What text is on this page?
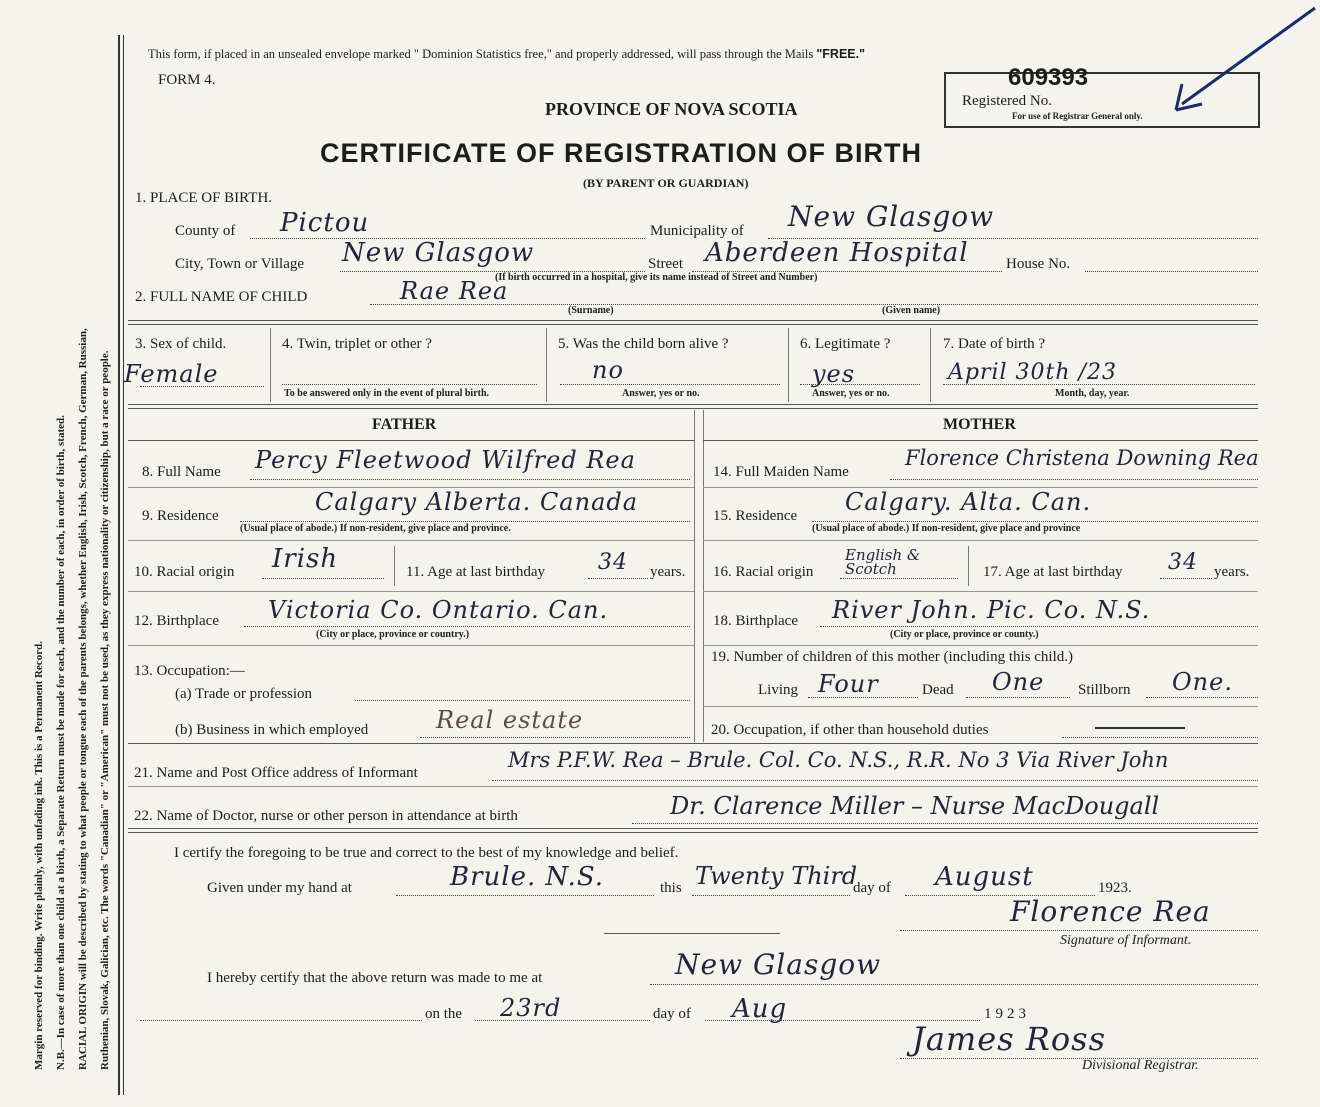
Margin reserved for binding. Write plainly, with unfading ink. This is a Permanent Record. N.B.—In case of more than one child at a birth, a Separate Return must be made for each, and the number of each, in order of birth, stated. RACIAL ORIGIN will be described by stating to what people or tongue each of the parents belongs, whether English, Irish, Scotch, French, German, Russian, Ruthenian, Slovak, Galician, etc. The words "Canadian" or "American" must not be used, as they express nationality or citizenship, but a race or people.
This form, if placed in an unsealed envelope marked " Dominion Statistics free," and properly addressed, will pass through the Mails "FREE."
FORM 4.
PROVINCE OF NOVA SCOTIA
CERTIFICATE OF REGISTRATION OF BIRTH
(BY PARENT OR GUARDIAN)
609393
Registered No.
For use of Registrar General only.
1. PLACE OF BIRTH.
County of Pictou	Municipality of New Glasgow
City, Town or Village New Glasgow	Street Aberdeen Hospital House No.
(If birth occurred in a hospital, give its name instead of Street and Number)
2. FULL NAME OF CHILD	Rae Rea
(Surname)	(Given name)
3. Sex of child.
Female
4. Twin, triplet or other ?
To be answered only in the event of plural birth.
5. Was the child born alive ?
no
Answer, yes or no.
6. Legitimate ?
yes
Answer, yes or no.
7. Date of birth ?
April 30th /23
Month, day, year.
FATHER	MOTHER
8. Full Name Percy Fleetwood Wilfred Rea
9. Residence	Calgary Alberta. Canada
(Usual place of abode.) If non-resident, give place and province.
10. Racial origin Irish	11. Age at last birthday 34 years.
12. Birthplace Victoria Co. Ontario. Can.
(City or place, province or country.)
13. Occupation:—
(a) Trade or profession
(b) Business in which employed	Real estate
14. Full Maiden Name
Florence Christena Downing Rea
15. Residence Calgary. Alta. Can.
(Usual place of abode.) If non-resident, give place and province
16. Racial origin
English & Scotch	17. Age at last birthday 34 years.
18. Birthplace River John. Pic. Co. N.S.
(City or place, province or county.)
19. Number of children of this mother (including this child.)
Living Four	Dead One Stillborn One.
20. Occupation, if other than household duties
21. Name and Post Office address of Informant
Mrs P.F.W. Rea – Brule. Col. Co. N.S., R.R. No 3 Via River John
22. Name of Doctor, nurse or other person in attendance at birth	Dr. Clarence Miller – Nurse MacDougall
I certify the foregoing to be true and correct to the best of my knowledge and belief.
Given under my hand at	Brule. N.S.	this Twenty Third
day of August	1923.
Florence Rea
Signature of Informant.
I hereby certify that the above return was made to me at	New Glasgow
on the 23rd	day of Aug	1923
James Ross
Divisional Registrar.
